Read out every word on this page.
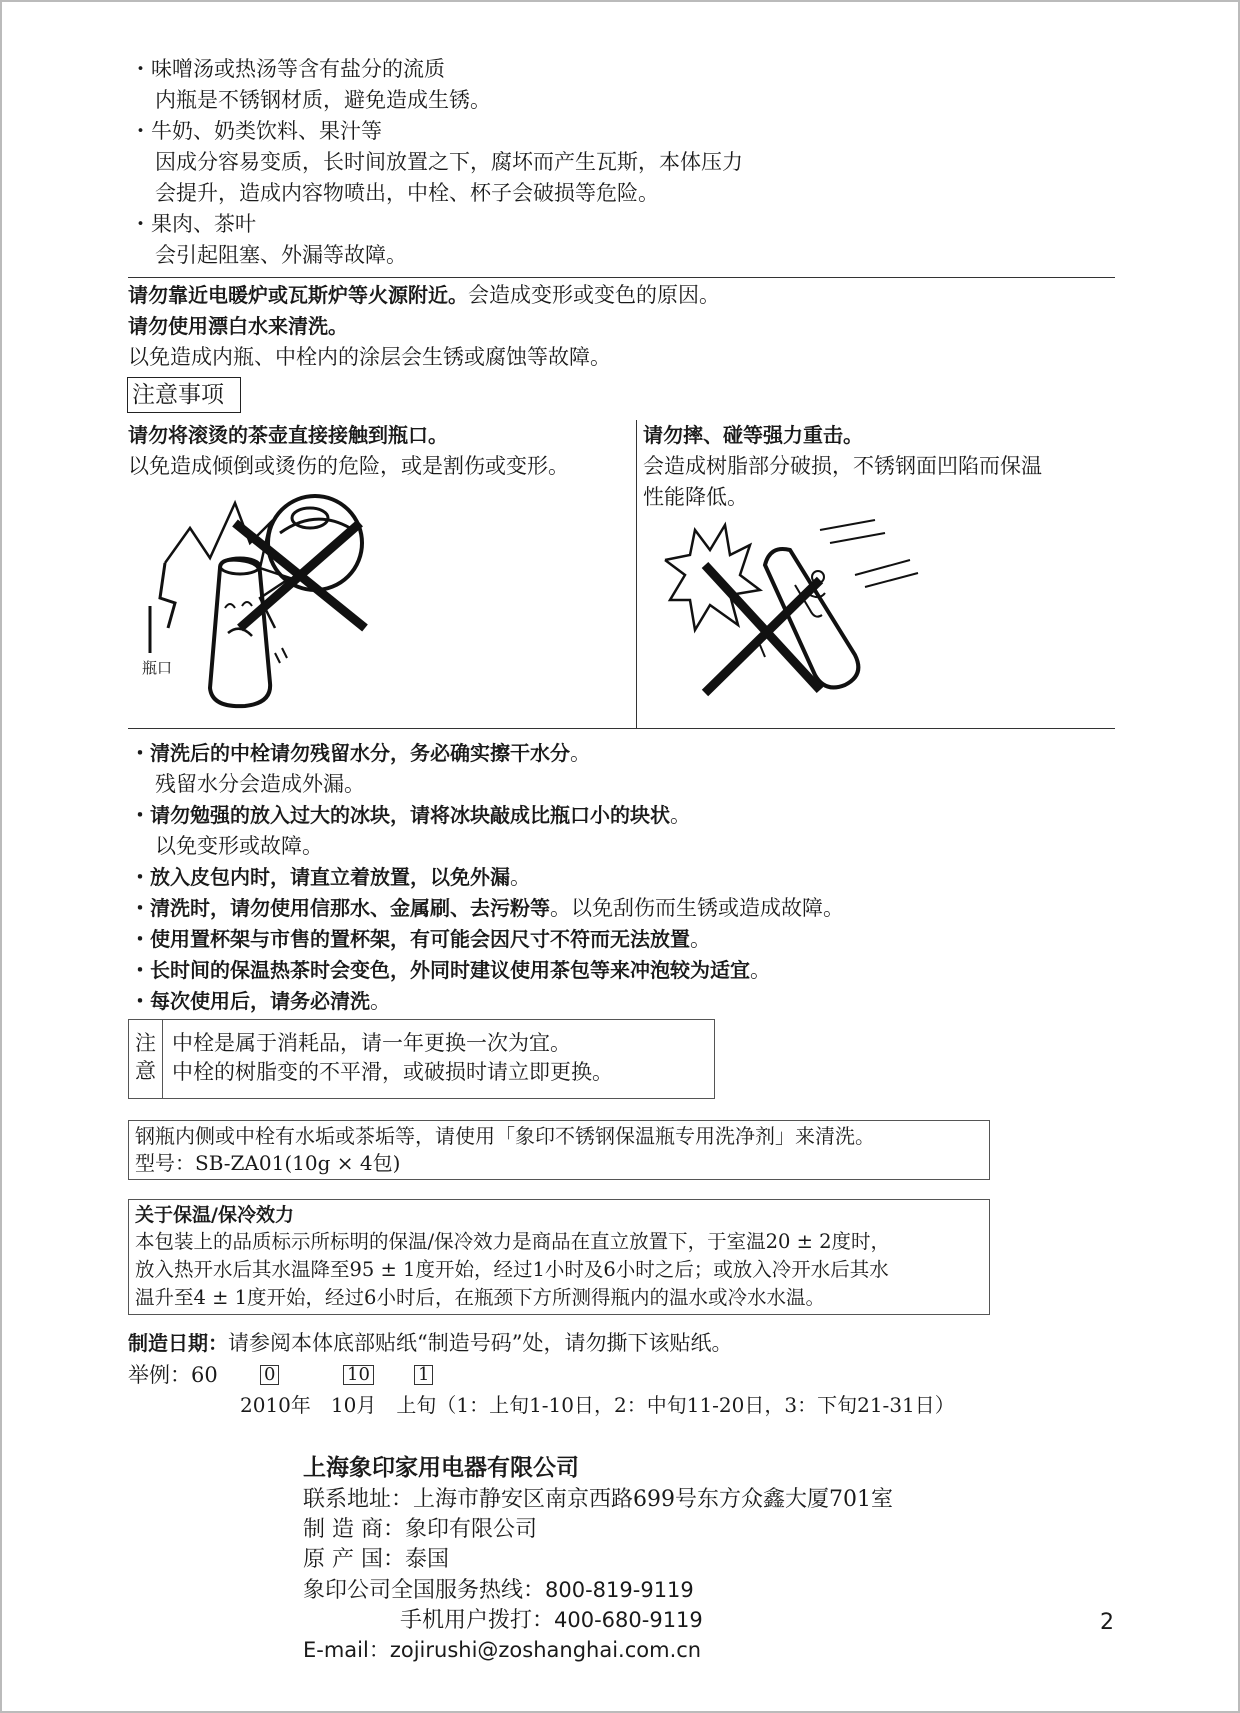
・味噌汤或热汤等含有盐分的流质
内瓶是不锈钢材质，避免造成生锈。
・牛奶、奶类饮料、果汁等
因成分容易变质，长时间放置之下，腐坏而产生瓦斯，本体压力
会提升，造成内容物喷出，中栓、杯子会破损等危险。
・果肉、茶叶
会引起阻塞、外漏等故障。
请勿靠近电暖炉或瓦斯炉等火源附近。会造成变形或变色的原因。
请勿使用漂白水来清洗。
以免造成内瓶、中栓内的涂层会生锈或腐蚀等故障。
注意事项
请勿将滚烫的茶壶直接接触到瓶口。
以免造成倾倒或烫伤的危险，或是割伤或变形。
请勿摔、碰等强力重击。
会造成树脂部分破损，不锈钢面凹陷而保温
性能降低。
瓶口
・清洗后的中栓请勿残留水分，务必确实擦干水分。
残留水分会造成外漏。
・请勿勉强的放入过大的冰块，请将冰块敲成比瓶口小的块状。
以免变形或故障。
・放入皮包内时，请直立着放置，以免外漏。
・清洗时，请勿使用信那水、金属刷、去污粉等。以免刮伤而生锈或造成故障。
・使用置杯架与市售的置杯架，有可能会因尺寸不符而无法放置。
・长时间的保温热茶时会变色，外同时建议使用茶包等来冲泡较为适宜。
・每次使用后，请务必清洗。
注
意
中栓是属于消耗品，请一年更换一次为宜。
中栓的树脂变的不平滑，或破损时请立即更换。
钢瓶内侧或中栓有水垢或茶垢等，请使用「象印不锈钢保温瓶专用洗净剂」来清洗。
型号：SB-ZA01(10g × 4包)
关于保温/保冷效力
本包装上的品质标示所标明的保温/保冷效力是商品在直立放置下，于室温20 ± 2度时，
放入热开水后其水温降至95 ± 1度开始，经过1小时及6小时之后；或放入冷开水后其水
温升至4 ± 1度开始，经过6小时后，在瓶颈下方所测得瓶内的温水或冷水水温。
制造日期：请参阅本体底部贴纸“制造号码”处，请勿撕下该贴纸。
举例：60	0	10	1
2010年　10月　上旬（1：上旬1-10日，2：中旬11-20日，3：下旬21-31日）
上海象印家用电器有限公司
联系地址：上海市静安区南京西路699号东方众鑫大厦701室
制 造 商：象印有限公司
原 产 国：泰国
象印公司全国服务热线：800-819-9119
手机用户拨打：400-680-9119
E-mail：zojirushi@zoshanghai.com.cn
2
